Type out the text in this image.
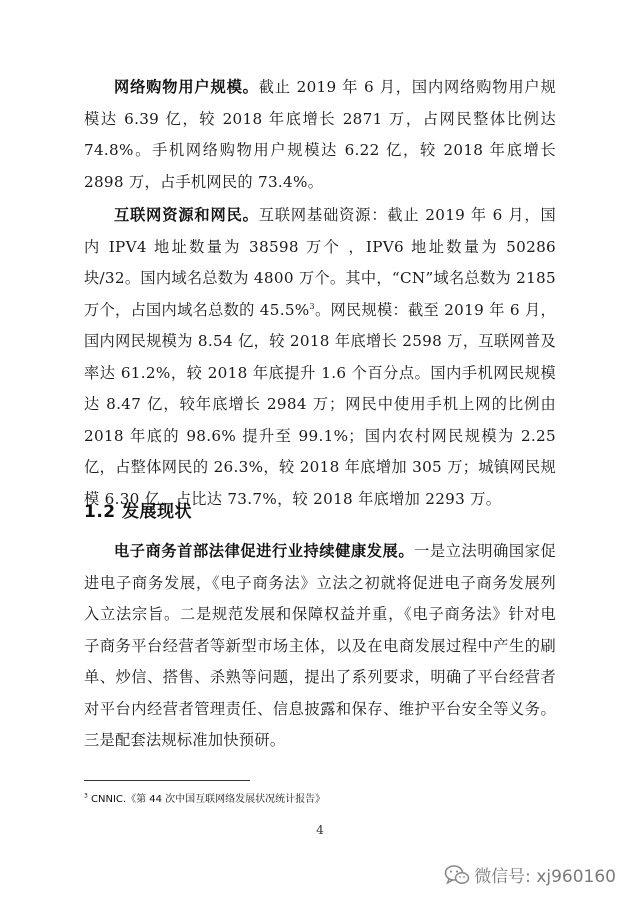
网络购物用户规模。截止 2019 年 6 月，国内网络购物用户规模达 6.39 亿，较 2018 年底增长 2871 万，占网民整体比例达 74.8%。手机网络购物用户规模达 6.22 亿，较 2018 年底增长 2898 万，占手机网民的 73.4%。

互联网资源和网民。互联网基础资源：截止 2019 年 6 月，国内 IPV4 地址数量为 38598 万个 ，IPV6 地址数量为 50286 块/32。国内域名总数为 4800 万个。其中，“CN”域名总数为 2185 万个，占国内域名总数的 45.5%$^3$。网民规模：截至 2019 年 6 月，国内网民规模为 8.54 亿，较 2018 年底增长 2598 万，互联网普及率达 61.2%，较 2018 年底提升 1.6 个百分点。国内手机网民规模达 8.47 亿，较年底增长 2984 万；网民中使用手机上网的比例由 2018 年底的 98.6% 提升至 99.1%；国内农村网民规模为 2.25 亿，占整体网民的 26.3%，较 2018 年底增加 305 万；城镇网民规模 6.30 亿，占比达 73.7%，较 2018 年底增加 2293 万。

1.2 发展现状

电子商务首部法律促进行业持续健康发展。一是立法明确国家促进电子商务发展，《电子商务法》立法之初就将促进电子商务发展列入立法宗旨。二是规范发展和保障权益并重，《电子商务法》针对电子商务平台经营者等新型市场主体，以及在电商发展过程中产生的刷单、炒信、搭售、杀熟等问题，提出了系列要求，明确了平台经营者对平台内经营者管理责任、信息披露和保存、维护平台安全等义务。三是配套法规标准加快预研。

$^3$ CNNIC.《第 44 次中国互联网络发展状况统计报告》
4
微信号: xj960160
